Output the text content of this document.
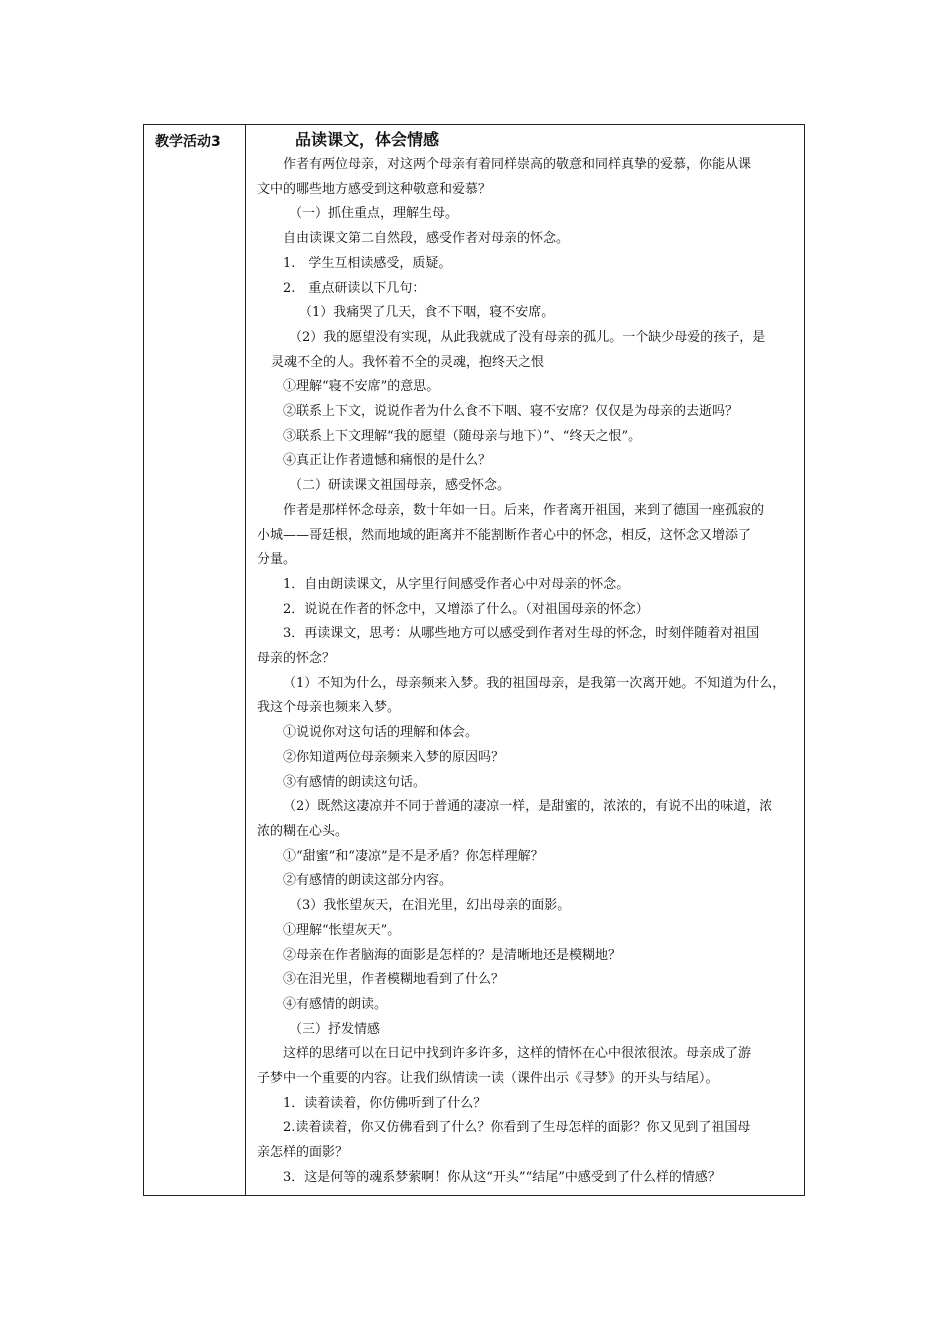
教学活动3	品读课文，体会情感

作者有两位母亲，对这两个母亲有着同样崇高的敬意和同样真挚的爱慕，你能从课

文中的哪些地方感受到这种敬意和爱慕？

（一）抓住重点，理解生母。

自由读课文第二自然段，感受作者对母亲的怀念。

1.　学生互相读感受，质疑。

2.　重点研读以下几句：

（1）我痛哭了几天，食不下咽，寝不安席。

（2）我的愿望没有实现，从此我就成了没有母亲的孤儿。一个缺少母爱的孩子，是

灵魂不全的人。我怀着不全的灵魂，抱终天之恨

①理解“寝不安席”的意思。

②联系上下文，说说作者为什么食不下咽、寝不安席？仅仅是为母亲的去逝吗？

③联系上下文理解“我的愿望（随母亲与地下）”、“终天之恨”。

④真正让作者遗憾和痛恨的是什么？

（二）研读课文祖国母亲，感受怀念。

作者是那样怀念母亲，数十年如一日。后来，作者离开祖国，来到了德国一座孤寂的

小城——哥廷根，然而地域的距离并不能割断作者心中的怀念，相反，这怀念又增添了

分量。

1．自由朗读课文，从字里行间感受作者心中对母亲的怀念。

2．说说在作者的怀念中，又增添了什么。（对祖国母亲的怀念）

3．再读课文，思考：从哪些地方可以感受到作者对生母的怀念，时刻伴随着对祖国

母亲的怀念？

（1）不知为什么，母亲频来入梦。我的祖国母亲，是我第一次离开她。不知道为什么，

我这个母亲也频来入梦。

①说说你对这句话的理解和体会。

②你知道两位母亲频来入梦的原因吗？

③有感情的朗读这句话。

（2）既然这凄凉并不同于普通的凄凉一样，是甜蜜的，浓浓的，有说不出的味道，浓

浓的糊在心头。

①“甜蜜”和“凄凉”是不是矛盾？你怎样理解？

②有感情的朗读这部分内容。

（3）我怅望灰天，在泪光里，幻出母亲的面影。

①理解“怅望灰天”。

②母亲在作者脑海的面影是怎样的？是清晰地还是模糊地？

③在泪光里，作者模糊地看到了什么？

④有感情的朗读。

（三）抒发情感

这样的思绪可以在日记中找到许多许多，这样的情怀在心中很浓很浓。母亲成了游

子梦中一个重要的内容。让我们纵情读一读（课件出示《寻梦》的开头与结尾）。

1．读着读着，你仿佛听到了什么？

2.读着读着，你又仿佛看到了什么？你看到了生母怎样的面影？你又见到了祖国母

亲怎样的面影？

3．这是何等的魂系梦萦啊！你从这“开头”“结尾”中感受到了什么样的情感？
